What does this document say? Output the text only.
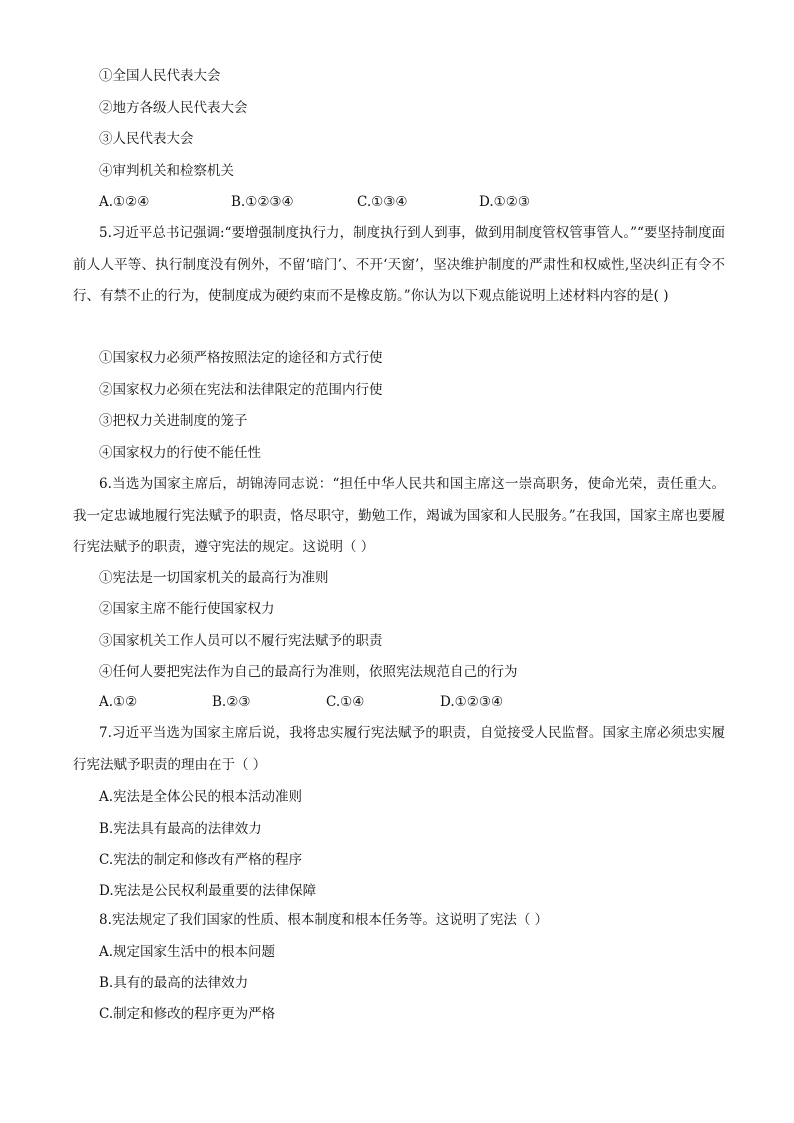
①全国人民代表大会
②地方各级人民代表大会
③人民代表大会
④审判机关和检察机关
A.①②④	B.①②③④	C.①③④	D.①②③
5.习近平总书记强调:“要增强制度执行力，制度执行到人到事，做到用制度管权管事管人。”“要坚持制度面前人人平等、执行制度没有例外，不留‘暗门’、不开‘天窗’，坚决维护制度的严肃性和权威性,坚决纠正有令不行、有禁不止的行为，使制度成为硬约束而不是橡皮筋。”你认为以下观点能说明上述材料内容的是( )
①国家权力必须严格按照法定的途径和方式行使
②国家权力必须在宪法和法律限定的范围内行使
③把权力关进制度的笼子
④国家权力的行使不能任性
6.当选为国家主席后，胡锦涛同志说：“担任中华人民共和国主席这一崇高职务，使命光荣，责任重大。我一定忠诚地履行宪法赋予的职责，恪尽职守，勤勉工作，竭诚为国家和人民服务。”在我国，国家主席也要履行宪法赋予的职责，遵守宪法的规定。这说明（ ）
①宪法是一切国家机关的最高行为准则
②国家主席不能行使国家权力
③国家机关工作人员可以不履行宪法赋予的职责
④任何人要把宪法作为自己的最高行为准则，依照宪法规范自己的行为
A.①②	B.②③	C.①④	D.①②③④
7.习近平当选为国家主席后说，我将忠实履行宪法赋予的职责，自觉接受人民监督。国家主席必须忠实履行宪法赋予职责的理由在于（ ）
A.宪法是全体公民的根本活动准则
B.宪法具有最高的法律效力
C.宪法的制定和修改有严格的程序
D.宪法是公民权利最重要的法律保障
8.宪法规定了我们国家的性质、根本制度和根本任务等。这说明了宪法（ ）
A.规定国家生活中的根本问题
B.具有的最高的法律效力
C.制定和修改的程序更为严格
